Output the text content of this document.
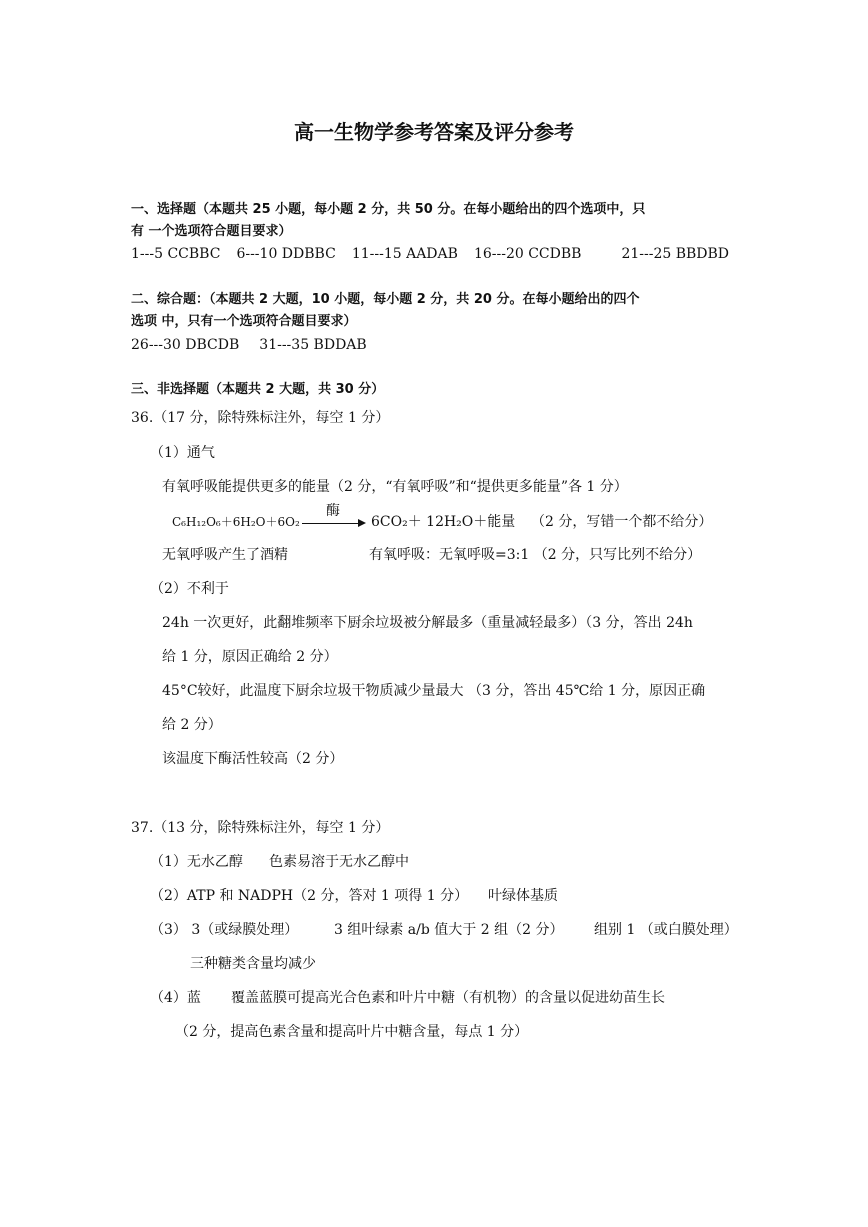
高一生物学参考答案及评分参考
一、选择题（本题共 25 小题，每小题 2 分，共 50 分。在每小题给出的四个选项中，只
有 一个选项符合题目要求）
1---5 CCBBC 6---10 DDBBC 11---15 AADAB 16---20 CCDBB	21---25 BBDBD
二、综合题：（本题共 2 大题，10 小题，每小题 2 分，共 20 分。在每小题给出的四个
选项 中，只有一个选项符合题目要求）
26---30 DBCDB 31---35 BDDAB
三、非选择题（本题共 2 大题，共 30 分）
36.（17 分，除特殊标注外，每空 1 分）
（1）通气
有氧呼吸能提供更多的能量（2 分，“有氧呼吸”和“提供更多能量”各 1 分）
C₆H₁₂O₆＋6H₂O＋6O₂
酶
6CO₂＋ 12H₂O＋能量 （2 分，写错一个都不给分）
无氧呼吸产生了酒精	有氧呼吸：无氧呼吸=3:1 （2 分，只写比列不给分）
（2）不利于
24h 一次更好，此翻堆频率下厨余垃圾被分解最多（重量减轻最多）（3 分，答出 24h
给 1 分，原因正确给 2 分）
45°C较好，此温度下厨余垃圾干物质减少量最大 （3 分，答出 45℃给 1 分，原因正确
给 2 分）
该温度下酶活性较高（2 分）
37.（13 分，除特殊标注外，每空 1 分）
（1）无水乙醇 色素易溶于无水乙醇中
（2）ATP 和 NADPH（2 分，答对 1 项得 1 分） 叶绿体基质
（3） 3（或绿膜处理）	3 组叶绿素 a/b 值大于 2 组（2 分） 组别 1 （或白膜处理）
三种糖类含量均减少
（4）蓝 覆盖蓝膜可提高光合色素和叶片中糖（有机物）的含量以促进幼苗生长
（2 分，提高色素含量和提高叶片中糖含量，每点 1 分）
